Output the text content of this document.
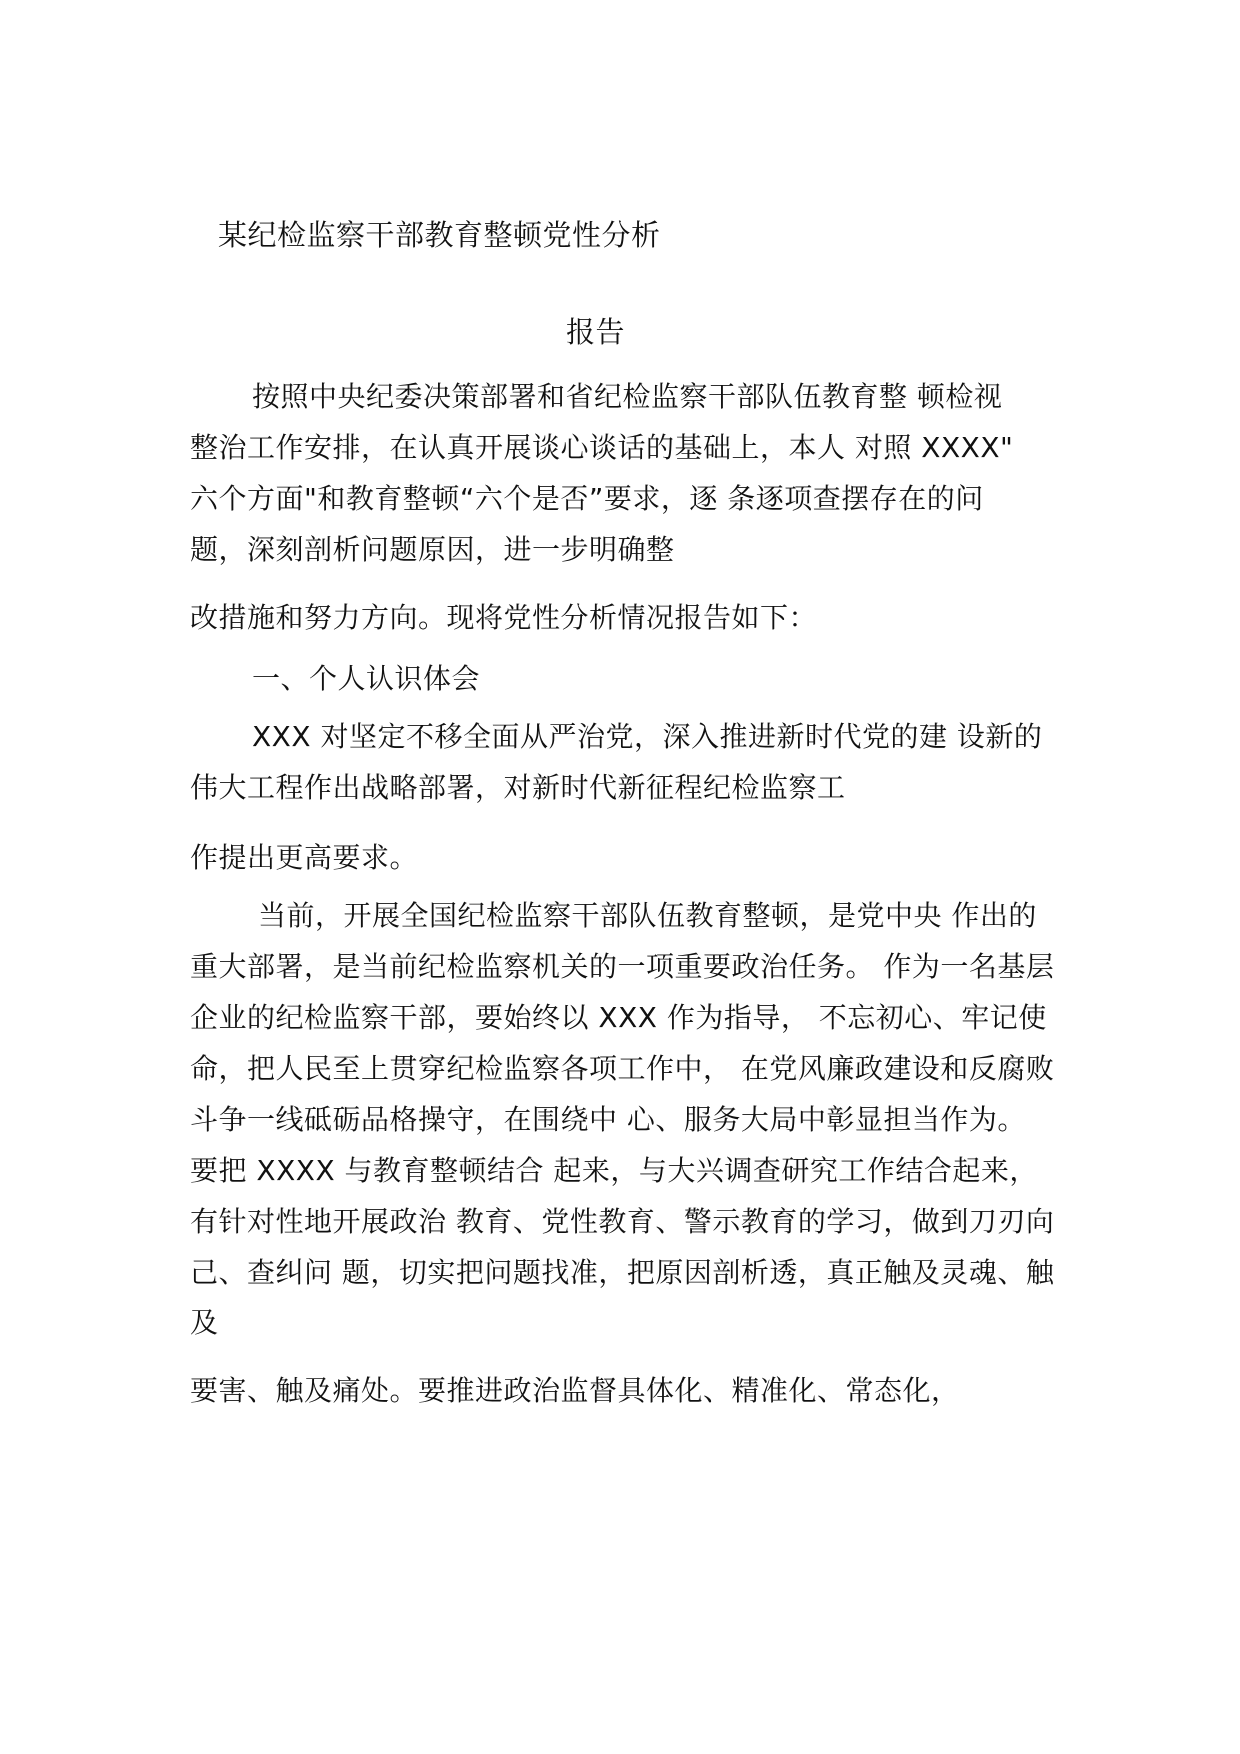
某纪检监察干部教育整顿党性分析
报告
按照中央纪委决策部署和省纪检监察干部队伍教育整 顿检视
整治工作安排，在认真开展谈心谈话的基础上，本人 对照 XXXX"
六个方面"和教育整顿“六个是否”要求，逐 条逐项查摆存在的问
题，深刻剖析问题原因，进一步明确整
改措施和努力方向。现将党性分析情况报告如下：
一、个人认识体会
XXX 对坚定不移全面从严治党，深入推进新时代党的建 设新的
伟大工程作出战略部署，对新时代新征程纪检监察工
作提出更高要求。
当前，开展全国纪检监察干部队伍教育整顿，是党中央 作出的
重大部署，是当前纪检监察机关的一项重要政治任务。 作为一名基层
企业的纪检监察干部，要始终以 XXX 作为指导， 不忘初心、牢记使
命，把人民至上贯穿纪检监察各项工作中， 在党风廉政建设和反腐败
斗争一线砥砺品格操守，在围绕中 心、服务大局中彰显担当作为。
要把 XXXX 与教育整顿结合 起来，与大兴调查研究工作结合起来，
有针对性地开展政治 教育、党性教育、警示教育的学习，做到刀刃向
己、查纠问 题，切实把问题找准，把原因剖析透，真正触及灵魂、触
及
要害、触及痛处。要推进政治监督具体化、精准化、常态化，
